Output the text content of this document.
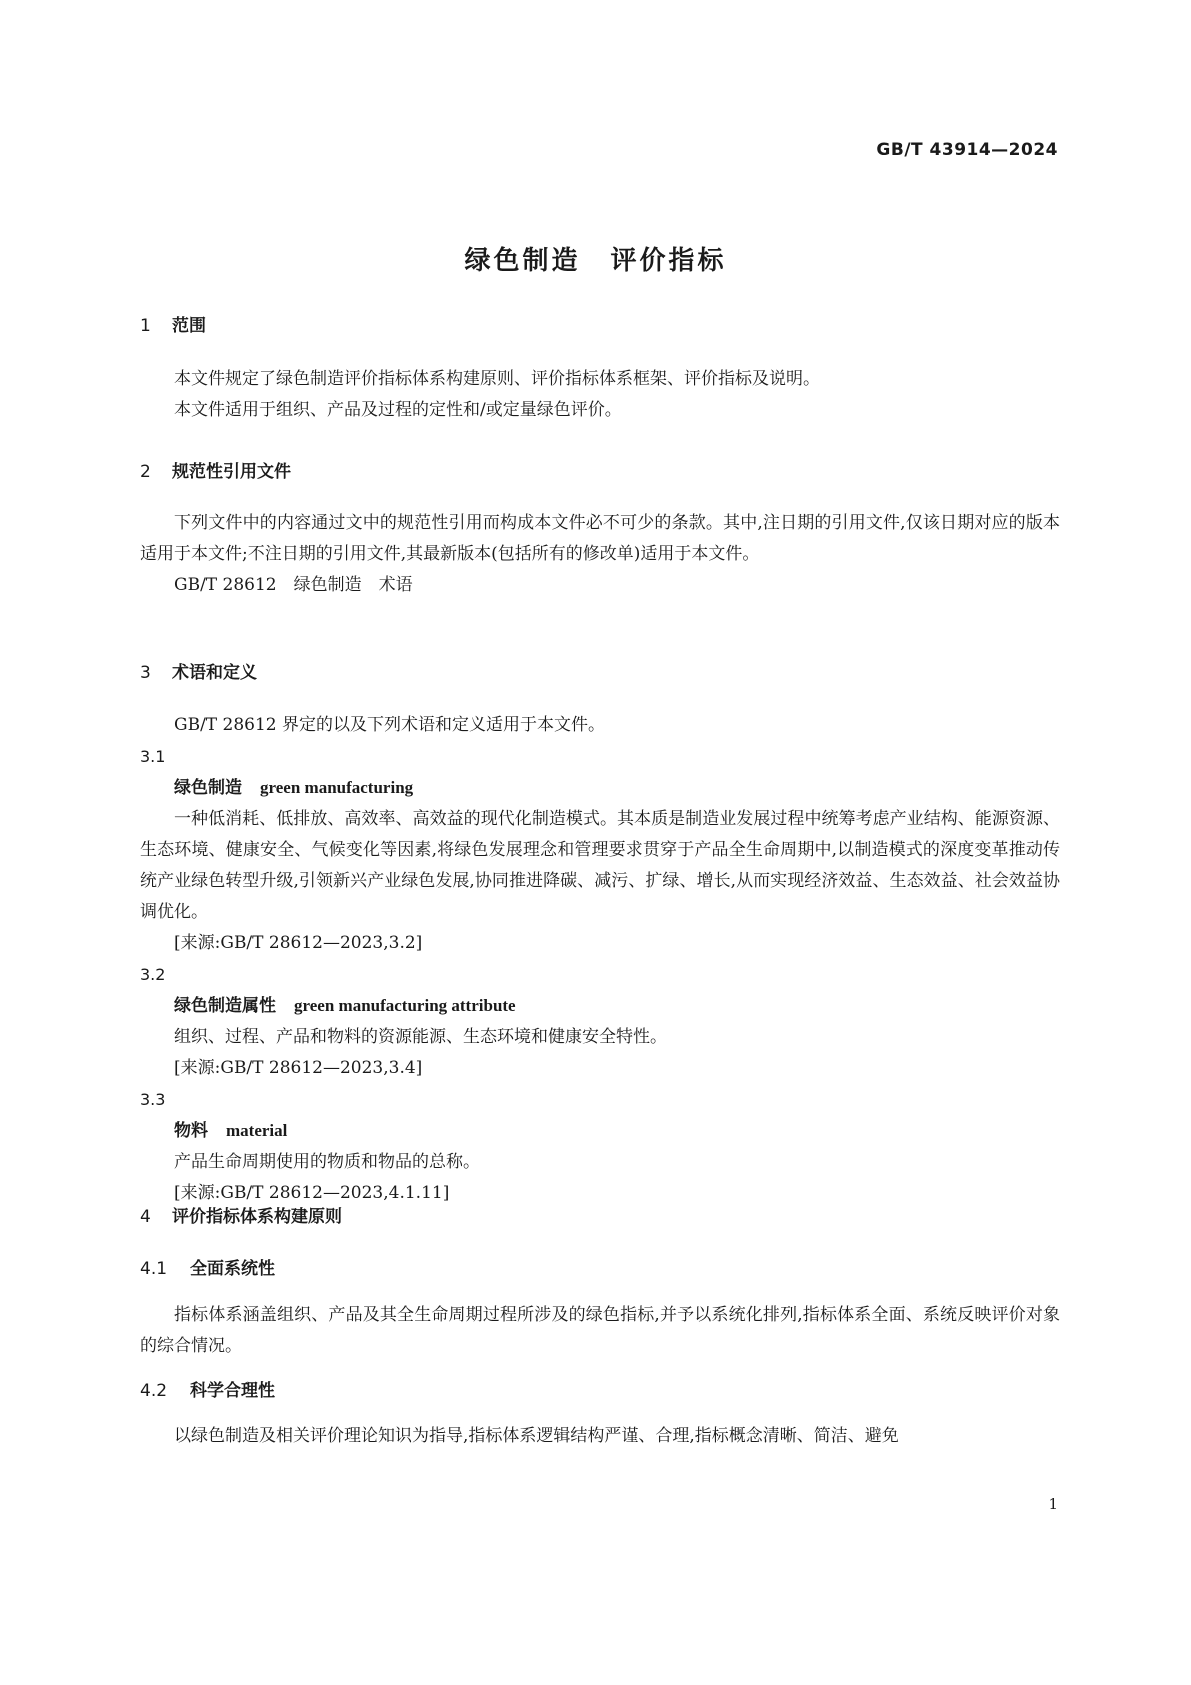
GB/T 43914—2024
绿色制造 评价指标
1 范围
本文件规定了绿色制造评价指标体系构建原则、评价指标体系框架、评价指标及说明。
本文件适用于组织、产品及过程的定性和/或定量绿色评价。
2 规范性引用文件
下列文件中的内容通过文中的规范性引用而构成本文件必不可少的条款。其中,注日期的引用文件,仅该日期对应的版本适用于本文件;不注日期的引用文件,其最新版本(包括所有的修改单)适用于本文件。
GB/T 28612　绿色制造　术语
3 术语和定义
GB/T 28612 界定的以及下列术语和定义适用于本文件。
3.1
绿色制造 green manufacturing
一种低消耗、低排放、高效率、高效益的现代化制造模式。其本质是制造业发展过程中统筹考虑产业结构、能源资源、生态环境、健康安全、气候变化等因素,将绿色发展理念和管理要求贯穿于产品全生命周期中,以制造模式的深度变革推动传统产业绿色转型升级,引领新兴产业绿色发展,协同推进降碳、减污、扩绿、增长,从而实现经济效益、生态效益、社会效益协调优化。
[来源:GB/T 28612—2023,3.2]
3.2
绿色制造属性 green manufacturing attribute
组织、过程、产品和物料的资源能源、生态环境和健康安全特性。
[来源:GB/T 28612—2023,3.4]
3.3
物料 material
产品生命周期使用的物质和物品的总称。
[来源:GB/T 28612—2023,4.1.11]
4 评价指标体系构建原则
4.1 全面系统性
指标体系涵盖组织、产品及其全生命周期过程所涉及的绿色指标,并予以系统化排列,指标体系全面、系统反映评价对象的综合情况。
4.2 科学合理性
以绿色制造及相关评价理论知识为指导,指标体系逻辑结构严谨、合理,指标概念清晰、简洁、避免
1
